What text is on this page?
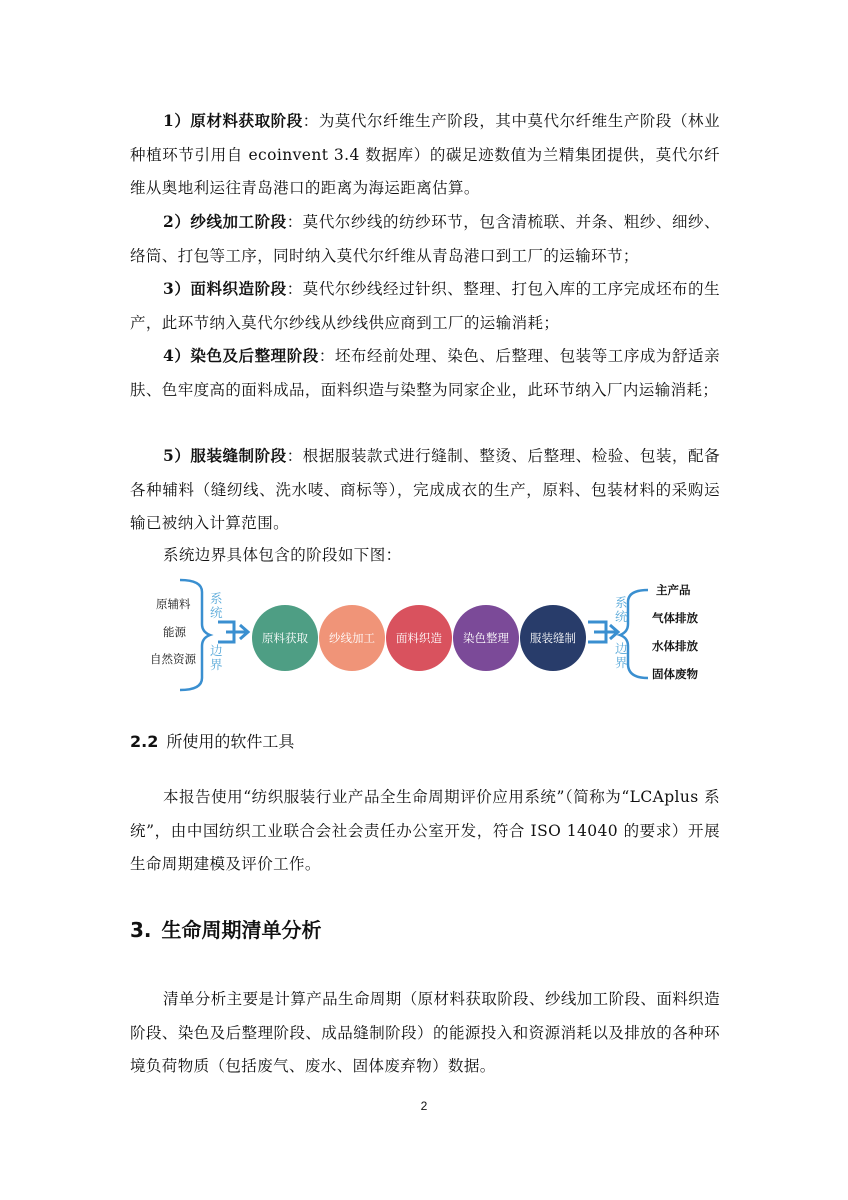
1）原材料获取阶段：为莫代尔纤维生产阶段，其中莫代尔纤维生产阶段（林业种植环节引用自 ecoinvent 3.4 数据库）的碳足迹数值为兰精集团提供，莫代尔纤维从奥地利运往青岛港口的距离为海运距离估算。

2）纱线加工阶段：莫代尔纱线的纺纱环节，包含清梳联、并条、粗纱、细纱、络筒、打包等工序，同时纳入莫代尔纤维从青岛港口到工厂的运输环节；

3）面料织造阶段：莫代尔纱线经过针织、整理、打包入库的工序完成坯布的生产，此环节纳入莫代尔纱线从纱线供应商到工厂的运输消耗；

4）染色及后整理阶段：坯布经前处理、染色、后整理、包装等工序成为舒适亲肤、色牢度高的面料成品，面料织造与染整为同家企业，此环节纳入厂内运输消耗；

5）服装缝制阶段：根据服装款式进行缝制、整烫、后整理、检验、包装，配备各种辅料（缝纫线、洗水唛、商标等），完成成衣的生产，原料、包装材料的采购运输已被纳入计算范围。

系统边界具体包含的阶段如下图：

原辅料
能源
自然资源
系
统
边
界
原料获取	纱线加工	面料织造	染色整理	服装缝制
系
统
边
界
主产品
气体排放
水体排放
固体废物
2.2 所使用的软件工具

本报告使用“纺织服装行业产品全生命周期评价应用系统”（简称为“LCAplus 系统”，由中国纺织工业联合会社会责任办公室开发，符合 ISO 14040 的要求）开展生命周期建模及评价工作。

3. 生命周期清单分析

清单分析主要是计算产品生命周期（原材料获取阶段、纱线加工阶段、面料织造阶段、染色及后整理阶段、成品缝制阶段）的能源投入和资源消耗以及排放的各种环境负荷物质（包括废气、废水、固体废弃物）数据。

2
